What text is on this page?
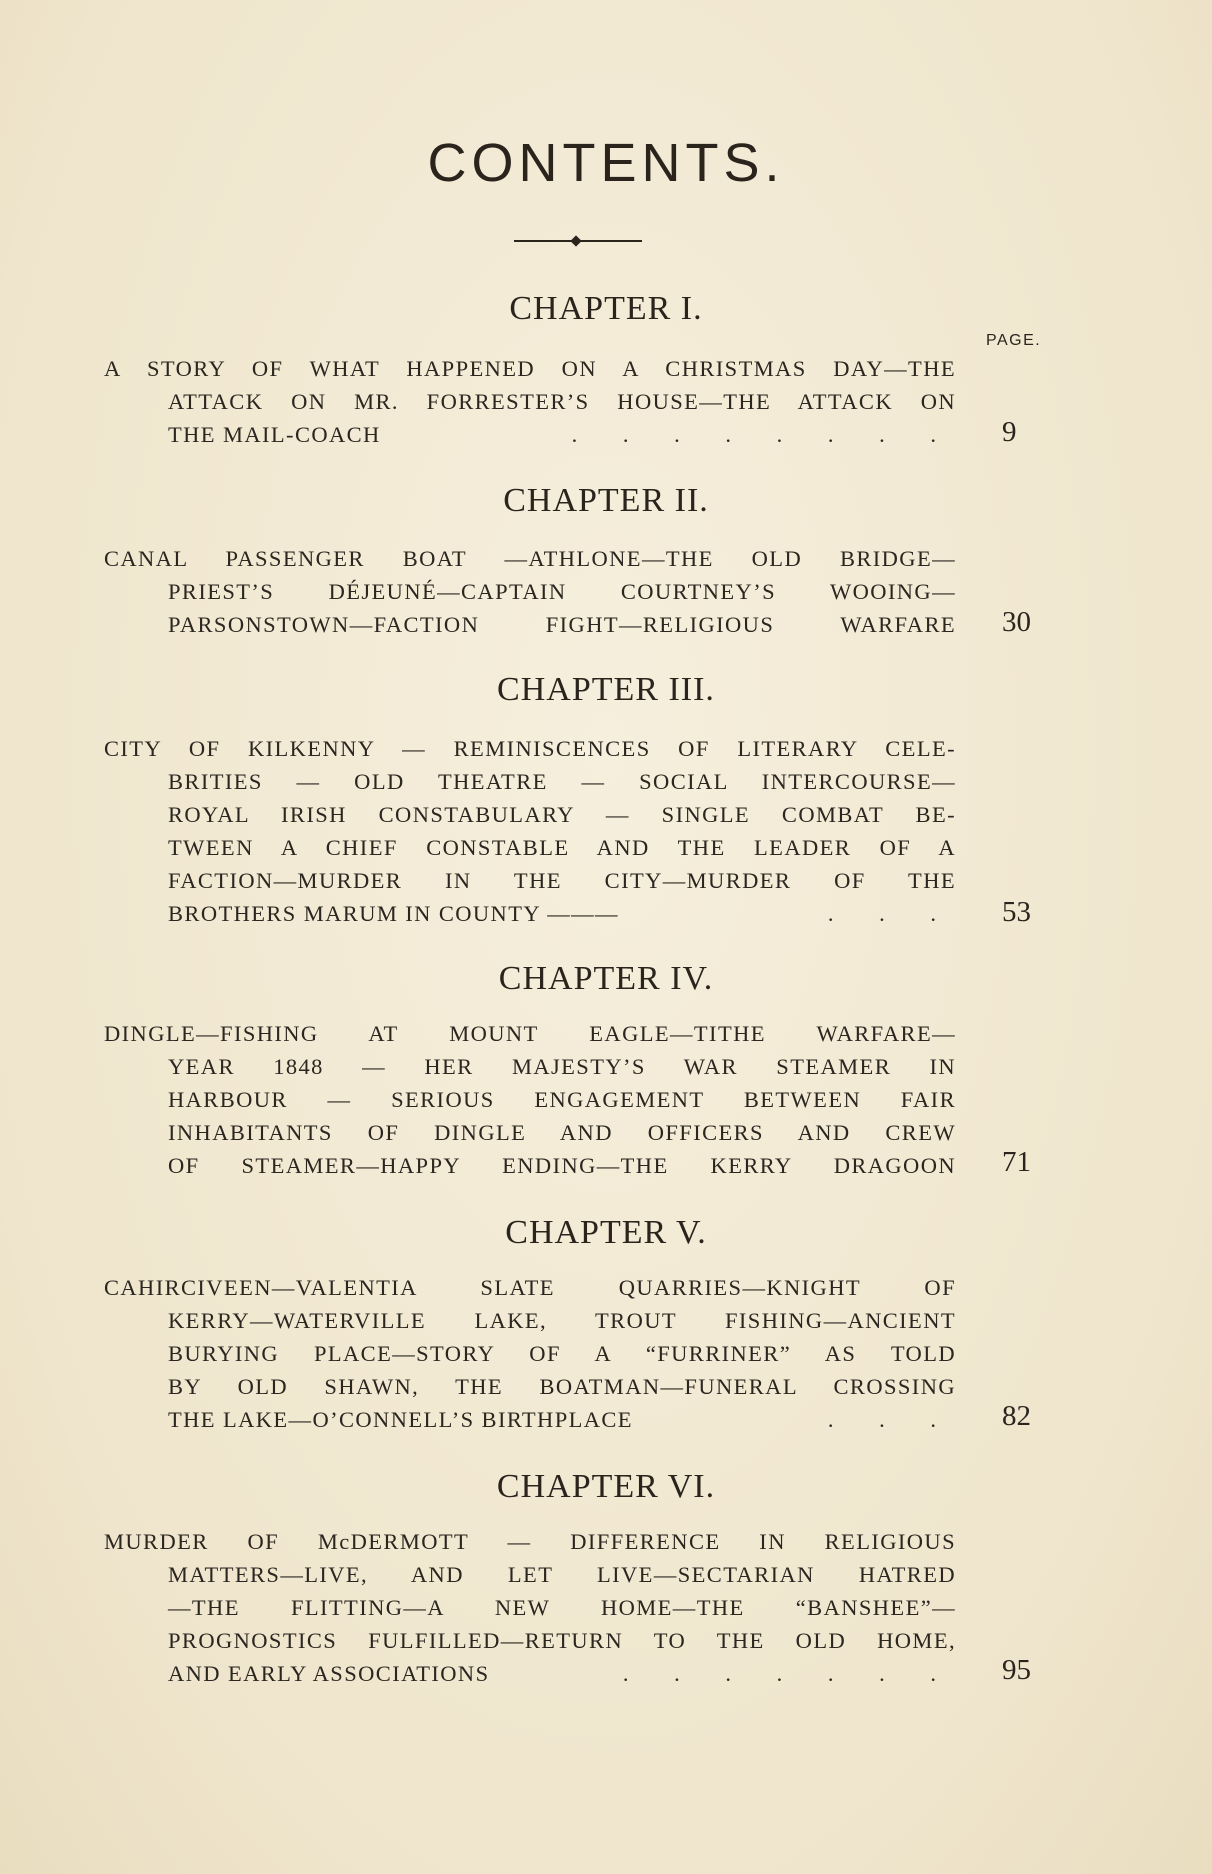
CONTENTS.
PAGE.
CHAPTER I.
A STORY OF WHAT HAPPENED ON A CHRISTMAS DAY—THE
ATTACK ON MR. FORRESTER’S HOUSE—THE ATTACK ON
THE MAIL-COACH	. . . . . . . . 9
CHAPTER II.
CANAL PASSENGER BOAT —ATHLONE—THE OLD BRIDGE—
PRIEST’S DÉJEUNÉ—CAPTAIN COURTNEY’S WOOING—
PARSONSTOWN—FACTION FIGHT—RELIGIOUS WARFARE 30
CHAPTER III.
CITY OF KILKENNY — REMINISCENCES OF LITERARY CELE-
BRITIES — OLD THEATRE — SOCIAL INTERCOURSE—
ROYAL IRISH CONSTABULARY — SINGLE COMBAT BE-
TWEEN A CHIEF CONSTABLE AND THE LEADER OF A
FACTION—MURDER IN THE CITY—MURDER OF THE
BROTHERS MARUM IN COUNTY ———	. . . 53
CHAPTER IV.
DINGLE—FISHING AT MOUNT EAGLE—TITHE WARFARE—
YEAR 1848 — HER MAJESTY’S WAR STEAMER IN
HARBOUR — SERIOUS ENGAGEMENT BETWEEN FAIR
INHABITANTS OF DINGLE AND OFFICERS AND CREW
OF STEAMER—HAPPY ENDING—THE KERRY DRAGOON 71
CHAPTER V.
CAHIRCIVEEN—VALENTIA SLATE QUARRIES—KNIGHT OF
KERRY—WATERVILLE LAKE, TROUT FISHING—ANCIENT
BURYING PLACE—STORY OF A “FURRINER” AS TOLD
BY OLD SHAWN, THE BOATMAN—FUNERAL CROSSING
THE LAKE—O’CONNELL’S BIRTHPLACE	. . . 82
CHAPTER VI.
MURDER OF McDERMOTT — DIFFERENCE IN RELIGIOUS
MATTERS—LIVE, AND LET LIVE—SECTARIAN HATRED
—THE FLITTING—A NEW HOME—THE “BANSHEE”—
PROGNOSTICS FULFILLED—RETURN TO THE OLD HOME,
AND EARLY ASSOCIATIONS	. . . . . . . 95
